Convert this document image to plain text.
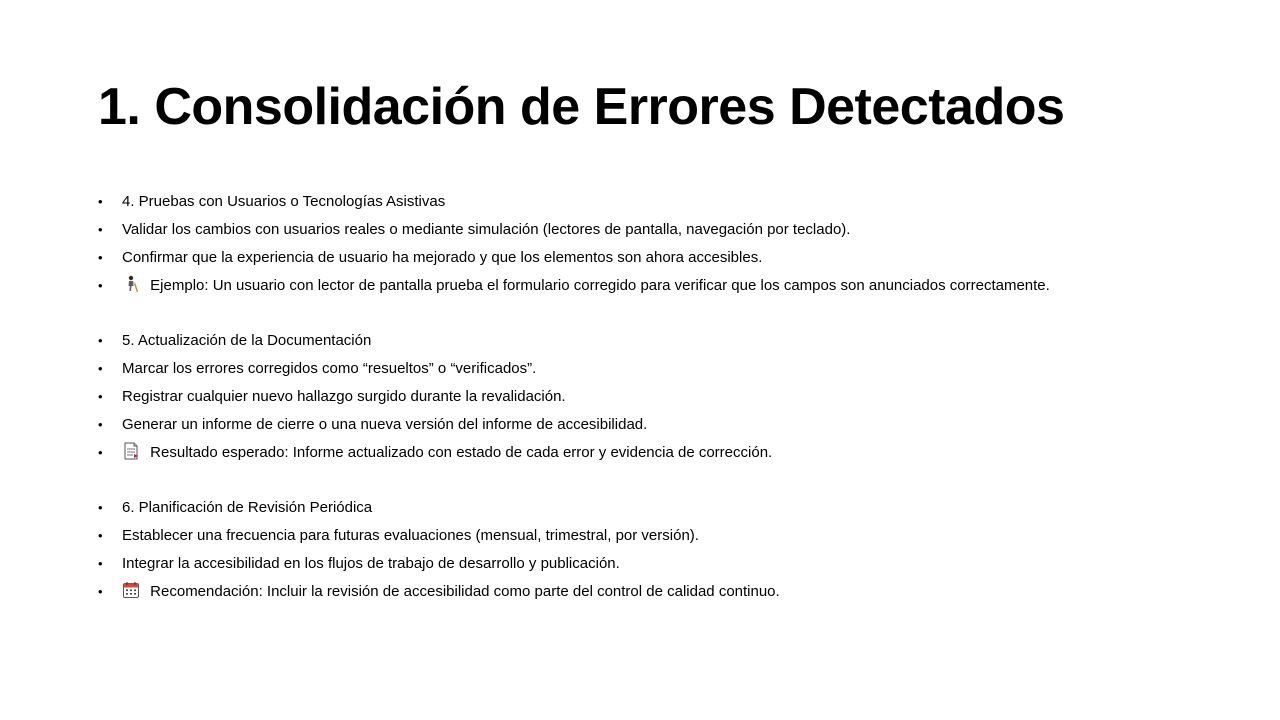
1. Consolidación de Errores Detectados
•	4. Pruebas con Usuarios o Tecnologías Asistivas
•	Validar los cambios con usuarios reales o mediante simulación (lectores de pantalla, navegación por teclado).
•	Confirmar que la experiencia de usuario ha mejorado y que los elementos son ahora accesibles.
•	Ejemplo: Un usuario con lector de pantalla prueba el formulario corregido para verificar que los campos son anunciados correctamente.
•	5. Actualización de la Documentación
•	Marcar los errores corregidos como “resueltos” o “verificados”.
•	Registrar cualquier nuevo hallazgo surgido durante la revalidación.
•	Generar un informe de cierre o una nueva versión del informe de accesibilidad.
•	Resultado esperado: Informe actualizado con estado de cada error y evidencia de corrección.
•	6. Planificación de Revisión Periódica
•	Establecer una frecuencia para futuras evaluaciones (mensual, trimestral, por versión).
•	Integrar la accesibilidad en los flujos de trabajo de desarrollo y publicación.
•	Recomendación: Incluir la revisión de accesibilidad como parte del control de calidad continuo.
